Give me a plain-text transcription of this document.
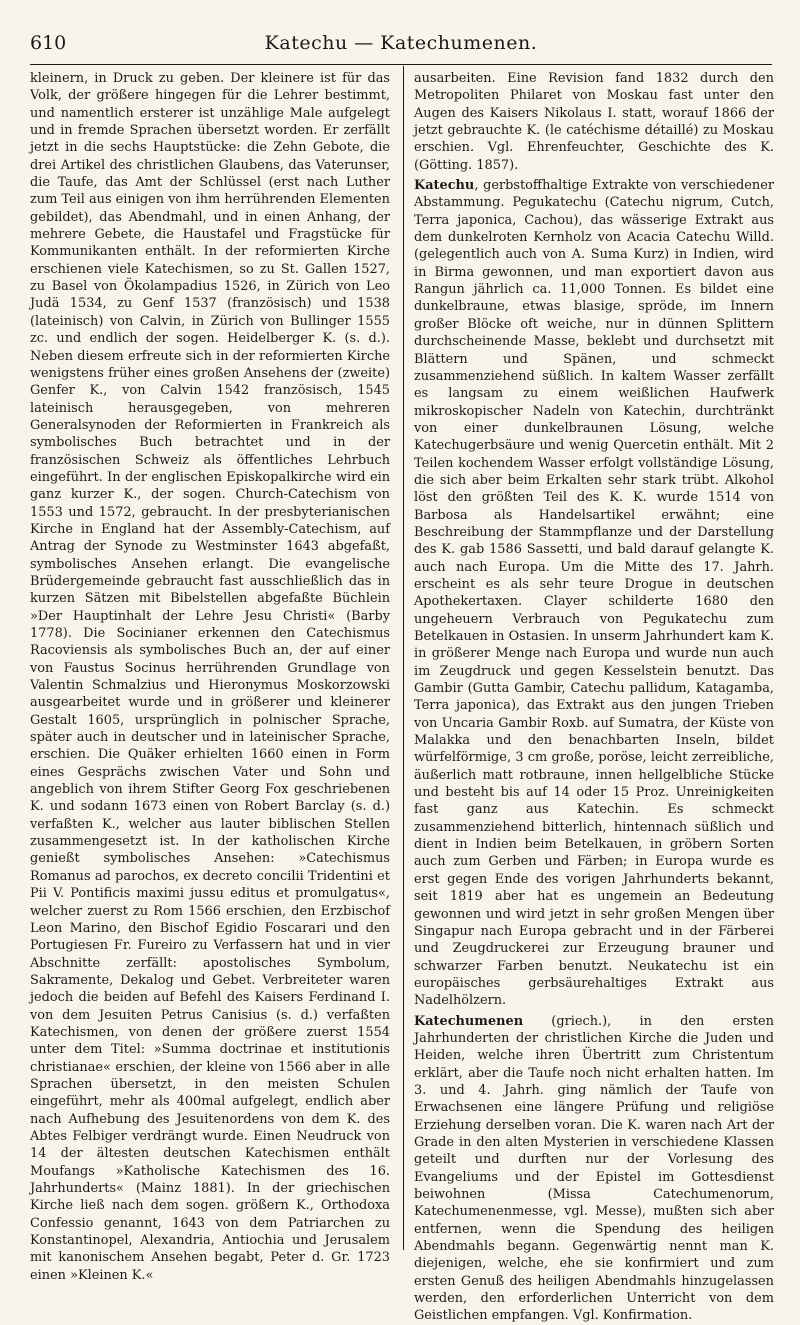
610	Katechu — Katechumenen.

kleinern, in Druck zu geben. Der kleinere ist für das Volk, der größere hingegen für die Lehrer bestimmt, und namentlich ersterer ist unzählige Male aufgelegt und in fremde Sprachen übersetzt worden. Er zerfällt jetzt in die sechs Hauptstücke: die Zehn Gebote, die drei Artikel des christlichen Glaubens, das Vaterunser, die Taufe, das Amt der Schlüssel (erst nach Luther zum Teil aus einigen von ihm herrührenden Elementen gebildet), das Abendmahl, und in einen Anhang, der mehrere Gebete, die Haustafel und Fragstücke für Kommunikanten enthält. In der reformierten Kirche erschienen viele Katechismen, so zu St. Gallen 1527, zu Basel von Ökolampadius 1526, in Zürich von Leo Judä 1534, zu Genf 1537 (französisch) und 1538 (lateinisch) von Calvin, in Zürich von Bullinger 1555 zc. und endlich der sogen. Heidelberger K. (s. d.). Neben diesem erfreute sich in der reformierten Kirche wenigstens früher eines großen Ansehens der (zweite) Genfer K., von Calvin 1542 französisch, 1545 lateinisch herausgegeben, von mehreren Generalsynoden der Reformierten in Frankreich als symbolisches Buch betrachtet und in der französischen Schweiz als öffentliches Lehrbuch eingeführt. In der englischen Episkopalkirche wird ein ganz kurzer K., der sogen. Church-Catechism von 1553 und 1572, gebraucht. In der presbyterianischen Kirche in England hat der Assembly-Catechism, auf Antrag der Synode zu Westminster 1643 abgefaßt, symbolisches Ansehen erlangt. Die evangelische Brüdergemeinde gebraucht fast ausschließlich das in kurzen Sätzen mit Bibelstellen abgefaßte Büchlein »Der Hauptinhalt der Lehre Jesu Christi« (Barby 1778). Die Socinianer erkennen den Catechismus Racoviensis als symbolisches Buch an, der auf einer von Faustus Socinus herrührenden Grundlage von Valentin Schmalzius und Hieronymus Moskorzowski ausgearbeitet wurde und in größerer und kleinerer Gestalt 1605, ursprünglich in polnischer Sprache, später auch in deutscher und in lateinischer Sprache, erschien. Die Quäker erhielten 1660 einen in Form eines Gesprächs zwischen Vater und Sohn und angeblich von ihrem Stifter Georg Fox geschriebenen K. und sodann 1673 einen von Robert Barclay (s. d.) verfaßten K., welcher aus lauter biblischen Stellen zusammengesetzt ist. In der katholischen Kirche genießt symbolisches Ansehen: »Catechismus Romanus ad parochos, ex decreto concilii Tridentini et Pii V. Pontificis maximi jussu editus et promulgatus«, welcher zuerst zu Rom 1566 erschien, den Erzbischof Leon Marino, den Bischof Egidio Foscarari und den Portugiesen Fr. Fureiro zu Verfassern hat und in vier Abschnitte zerfällt: apostolisches Symbolum, Sakramente, Dekalog und Gebet. Verbreiteter waren jedoch die beiden auf Befehl des Kaisers Ferdinand I. von dem Jesuiten Petrus Canisius (s. d.) verfaßten Katechismen, von denen der größere zuerst 1554 unter dem Titel: »Summa doctrinae et institutionis christianae« erschien, der kleine von 1566 aber in alle Sprachen übersetzt, in den meisten Schulen eingeführt, mehr als 400mal aufgelegt, endlich aber nach Aufhebung des Jesuitenordens von dem K. des Abtes Felbiger verdrängt wurde. Einen Neudruck von 14 der ältesten deutschen Katechismen enthält Moufangs »Katholische Katechismen des 16. Jahrhunderts« (Mainz 1881). In der griechischen Kirche ließ nach dem sogen. größern K., Orthodoxa Confessio genannt, 1643 von dem Patriarchen zu Konstantinopel, Alexandria, Antiochia und Jerusalem mit kanonischem Ansehen begabt, Peter d. Gr. 1723 einen »Kleinen K.«

ausarbeiten. Eine Revision fand 1832 durch den Metropoliten Philaret von Moskau fast unter den Augen des Kaisers Nikolaus I. statt, worauf 1866 der jetzt gebrauchte K. (le catéchisme détaillé) zu Moskau erschien. Vgl. Ehrenfeuchter, Geschichte des K. (Götting. 1857).

Katechu, gerbstoffhaltige Extrakte von verschiedener Abstammung. Pegukatechu (Catechu nigrum, Cutch, Terra japonica, Cachou), das wässerige Extrakt aus dem dunkelroten Kernholz von Acacia Catechu Willd. (gelegentlich auch von A. Suma Kurz) in Indien, wird in Birma gewonnen, und man exportiert davon aus Rangun jährlich ca. 11,000 Tonnen. Es bildet eine dunkelbraune, etwas blasige, spröde, im Innern großer Blöcke oft weiche, nur in dünnen Splittern durchscheinende Masse, beklebt und durchsetzt mit Blättern und Spänen, und schmeckt zusammenziehend süßlich. In kaltem Wasser zerfällt es langsam zu einem weißlichen Haufwerk mikroskopischer Nadeln von Katechin, durchtränkt von einer dunkelbraunen Lösung, welche Katechugerbsäure und wenig Quercetin enthält. Mit 2 Teilen kochendem Wasser erfolgt vollständige Lösung, die sich aber beim Erkalten sehr stark trübt. Alkohol löst den größten Teil des K. K. wurde 1514 von Barbosa als Handelsartikel erwähnt; eine Beschreibung der Stammpflanze und der Darstellung des K. gab 1586 Sassetti, und bald darauf gelangte K. auch nach Europa. Um die Mitte des 17. Jahrh. erscheint es als sehr teure Drogue in deutschen Apothekertaxen. Clayer schilderte 1680 den ungeheuern Verbrauch von Pegukatechu zum Betelkauen in Ostasien. In unserm Jahrhundert kam K. in größerer Menge nach Europa und wurde nun auch im Zeugdruck und gegen Kesselstein benutzt. Das Gambir (Gutta Gambir, Catechu pallidum, Katagamba, Terra japonica), das Extrakt aus den jungen Trieben von Uncaria Gambir Roxb. auf Sumatra, der Küste von Malakka und den benachbarten Inseln, bildet würfelförmige, 3 cm große, poröse, leicht zerreibliche, äußerlich matt rotbraune, innen hellgelbliche Stücke und besteht bis auf 14 oder 15 Proz. Unreinigkeiten fast ganz aus Katechin. Es schmeckt zusammenziehend bitterlich, hintennach süßlich und dient in Indien beim Betelkauen, in gröbern Sorten auch zum Gerben und Färben; in Europa wurde es erst gegen Ende des vorigen Jahrhunderts bekannt, seit 1819 aber hat es ungemein an Bedeutung gewonnen und wird jetzt in sehr großen Mengen über Singapur nach Europa gebracht und in der Färberei und Zeugdruckerei zur Erzeugung brauner und schwarzer Farben benutzt. Neukatechu ist ein europäisches gerbsäurehaltiges Extrakt aus Nadelhölzern.

Katechumenen (griech.), in den ersten Jahrhunderten der christlichen Kirche die Juden und Heiden, welche ihren Übertritt zum Christentum erklärt, aber die Taufe noch nicht erhalten hatten. Im 3. und 4. Jahrh. ging nämlich der Taufe von Erwachsenen eine längere Prüfung und religiöse Erziehung derselben voran. Die K. waren nach Art der Grade in den alten Mysterien in verschiedene Klassen geteilt und durften nur der Vorlesung des Evangeliums und der Epistel im Gottesdienst beiwohnen (Missa Catechumenorum, Katechumenenmesse, vgl. Messe), mußten sich aber entfernen, wenn die Spendung des heiligen Abendmahls begann. Gegenwärtig nennt man K. diejenigen, welche, ehe sie konfirmiert und zum ersten Genuß des heiligen Abendmahls hinzugelassen werden, den erforderlichen Unterricht von dem Geistlichen empfangen. Vgl. Konfirmation.
